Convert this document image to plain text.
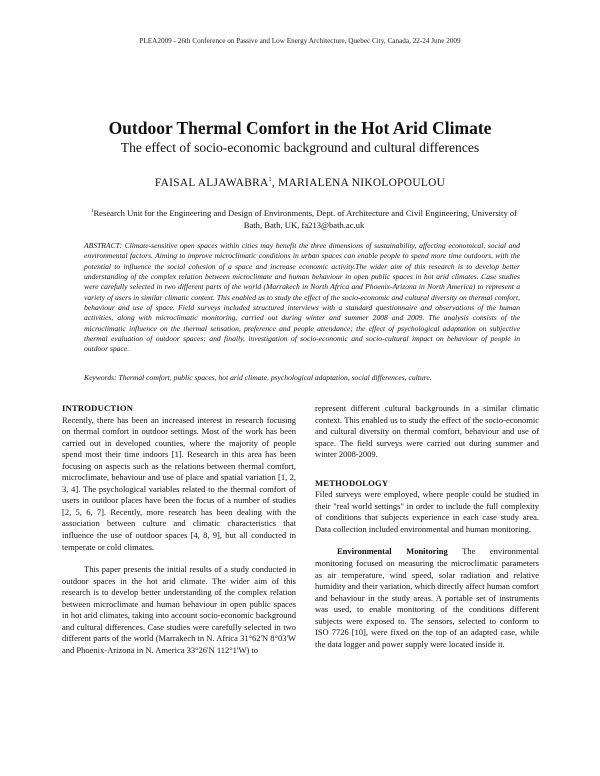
PLEA2009 - 26th Conference on Passive and Low Energy Architecture, Quebec City, Canada, 22-24 June 2009
Outdoor Thermal Comfort in the Hot Arid Climate
The effect of socio-economic background and cultural differences
FAISAL ALJAWABRA$^1$, MARIALENA NIKOLOPOULOU
$^1$Research Unit for the Engineering and Design of Environments, Dept. of Architecture and Civil Engineering, University of Bath, Bath, UK, fa213@bath.ac.uk
ABSTRACT: Climate-sensitive open spaces within cities may benefit the three dimensions of sustainability, affecting economical, social and environmental factors. Aiming to improve microclimatic conditions in urban spaces can enable people to spend more time outdoors, with the potential to influence the social cohesion of a space and increase economic activity.The wider aim of this research is to develop better understanding of the complex relation between microclimate and human behaviour in open public spaces in hot arid climates. Case studies were carefully selected in two different parts of the world (Marrakech in North Africa and Phoenix-Arizona in North America) to represent a variety of users in similar climatic context. This enabled us to study the effect of the socio-economic and cultural diversity on thermal comfort, behaviour and use of space. Field surveys included structured interviews with a standard questionnaire and observations of the human activities, along with microclimatic monitoring, carried out during winter and summer 2008 and 2009. The analysis consists of the microclimatic influence on the thermal sensation, preference and people attendance; the effect of psychological adaptation on subjective thermal evaluation of outdoor spaces; and finally, investigation of socio-economic and socio-cultural impact on behaviour of people in outdoor space.
Keywords: Thermal comfort, public spaces, hot arid climate, psychological adaptation, social differences, culture.
INTRODUCTION

Recently, there has been an increased interest in research focusing on thermal comfort in outdoor settings. Most of the work has been carried out in developed counties, where the majority of people spend most their time indoors [1]. Research in this area has been focusing on aspects such as the relations between thermal comfort, microclimate, behaviour and use of place and spatial variation [1, 2, 3, 4]. The psychological variables related to the thermal comfort of users in outdoor places have been the focus of a number of studies [2, 5, 6, 7]. Recently, more research has been dealing with the association between culture and climatic characteristics that influence the use of outdoor spaces [4, 8, 9], but all conducted in temperate or cold climates.

This paper presents the initial results of a study conducted in outdoor spaces in the hot arid climate. The wider aim of this research is to develop better understanding of the complex relation between microclimate and human behaviour in open public spaces in hot arid climates, taking into account socio-economic background and cultural differences. Case studies were carefully selected in two different parts of the world (Marrakech in N. Africa 31°62'N 8°03'W and Phoenix-Arizona in N. America 33°26'N 112°1'W) to

represent different cultural backgrounds in a similar climatic context. This enabled us to study the effect of the socio-economic and cultural diversity on thermal comfort, behaviour and use of space. The field surveys were carried out during summer and winter 2008-2009.

METHODOLOGY

Filed surveys were employed, where people could be studied in their "real world settings" in order to include the full complexity of conditions that subjects experience in each case study area. Data collection included environmental and human monitoring.

Environmental Monitoring The environmental monitoring focused on measuring the microclimatic parameters as air temperature, wind speed, solar radiation and relative humidity and their variation, which directly affect human comfort and behaviour in the study areas. A portable set of instruments was used, to enable monitoring of the conditions different subjects were exposed to. The sensors, selected to conform to ISO 7726 [10], were fixed on the top of an adapted case, while the data logger and power supply were located inside it.
